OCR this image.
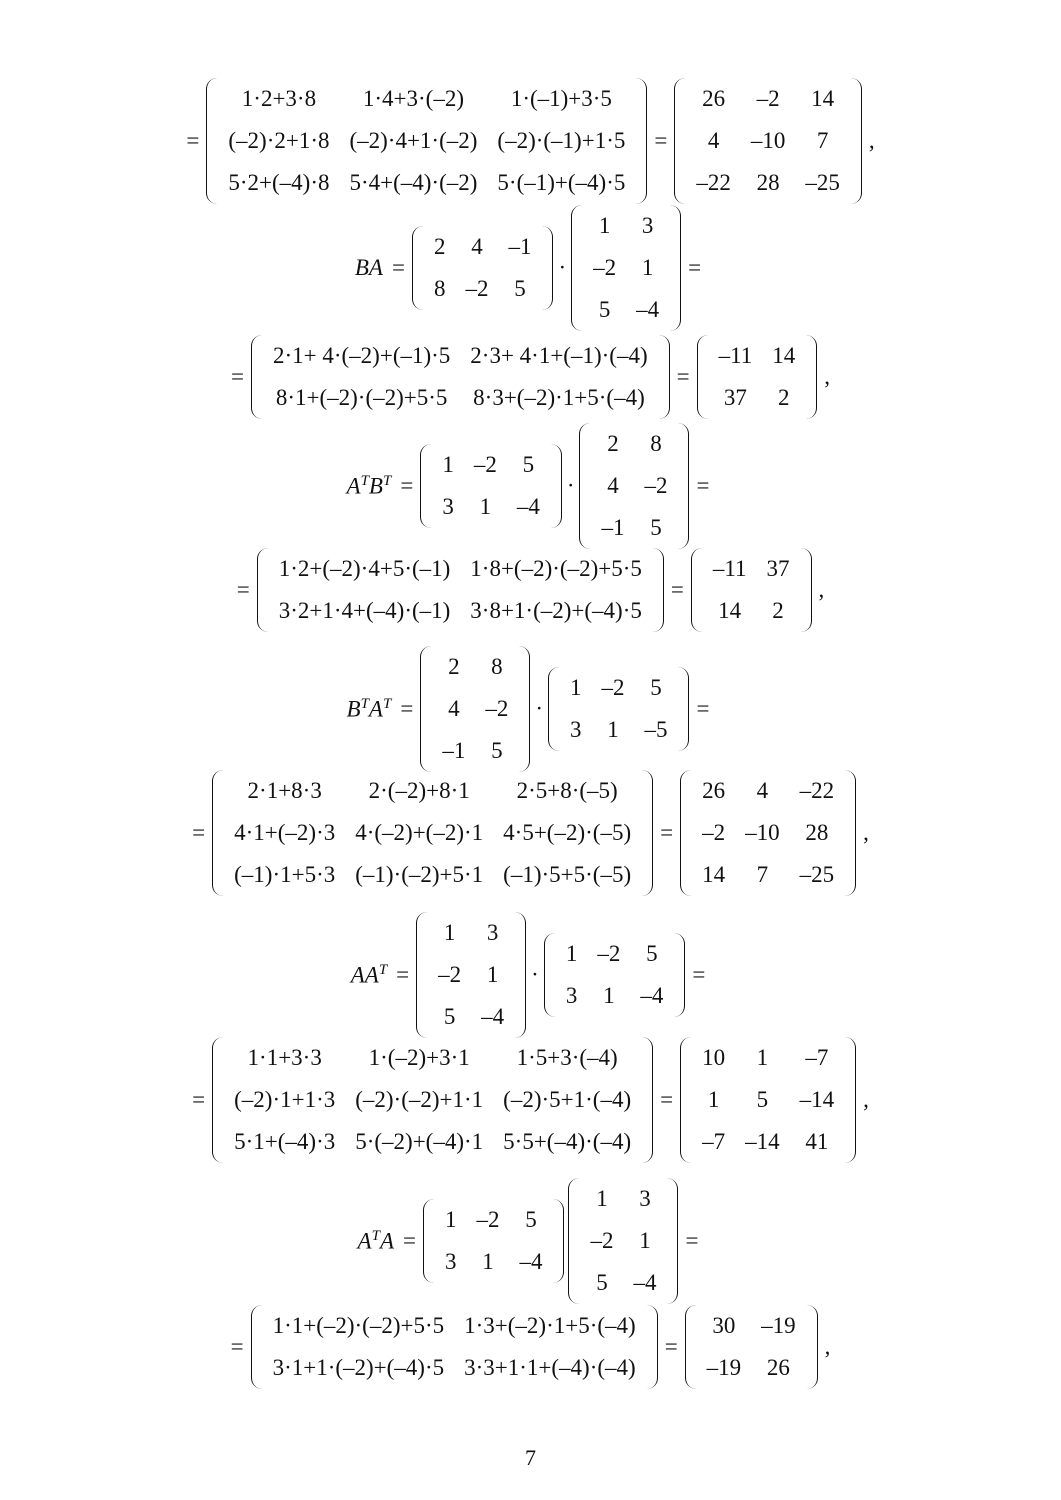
=
1·2+3·8	1·4+3·(–2)	1·(–1)+3·5
(–2)·2+1·8	(–2)·4+1·(–2)	(–2)·(–1)+1·5
5·2+(–4)·8	5·4+(–4)·(–2)	5·(–1)+(–4)·5
=
26	–2	14
4	–10	7
–22	28	–25
,
BA =
2	4	–1
8	–2	5
·
1	3
–2	1
5	–4
=
=
2·1+ 4·(–2)+(–1)·5	2·3+ 4·1+(–1)·(–4)
8·1+(–2)·(–2)+5·5	8·3+(–2)·1+5·(–4)
=
–11	14
37	2
,
$A^TB^T$ =
1	–2	5
3	1	–4
·
2	8
4	–2
–1	5
=
=
1·2+(–2)·4+5·(–1)	1·8+(–2)·(–2)+5·5
3·2+1·4+(–4)·(–1)	3·8+1·(–2)+(–4)·5
=
–11	37
14	2
,
$B^TA^T$ =
2	8
4	–2
–1	5
·
1	–2	5
3	1	–5
=
=
2·1+8·3	2·(–2)+8·1	2·5+8·(–5)
4·1+(–2)·3	4·(–2)+(–2)·1	4·5+(–2)·(–5)
(–1)·1+5·3	(–1)·(–2)+5·1	(–1)·5+5·(–5)
=
26	4	–22
–2	–10	28
14	7	–25
,
$AA^T$ =
1	3
–2	1
5	–4
·
1	–2	5
3	1	–4
=
=
1·1+3·3	1·(–2)+3·1	1·5+3·(–4)
(–2)·1+1·3	(–2)·(–2)+1·1	(–2)·5+1·(–4)
5·1+(–4)·3	5·(–2)+(–4)·1	5·5+(–4)·(–4)
=
10	1	–7
1	5	–14
–7	–14	41
,
$A^TA$ =
1	–2	5
3	1	–4
1	3
–2	1
5	–4
=
=
1·1+(–2)·(–2)+5·5	1·3+(–2)·1+5·(–4)
3·1+1·(–2)+(–4)·5	3·3+1·1+(–4)·(–4)
=
30	–19
–19	26
,
7
